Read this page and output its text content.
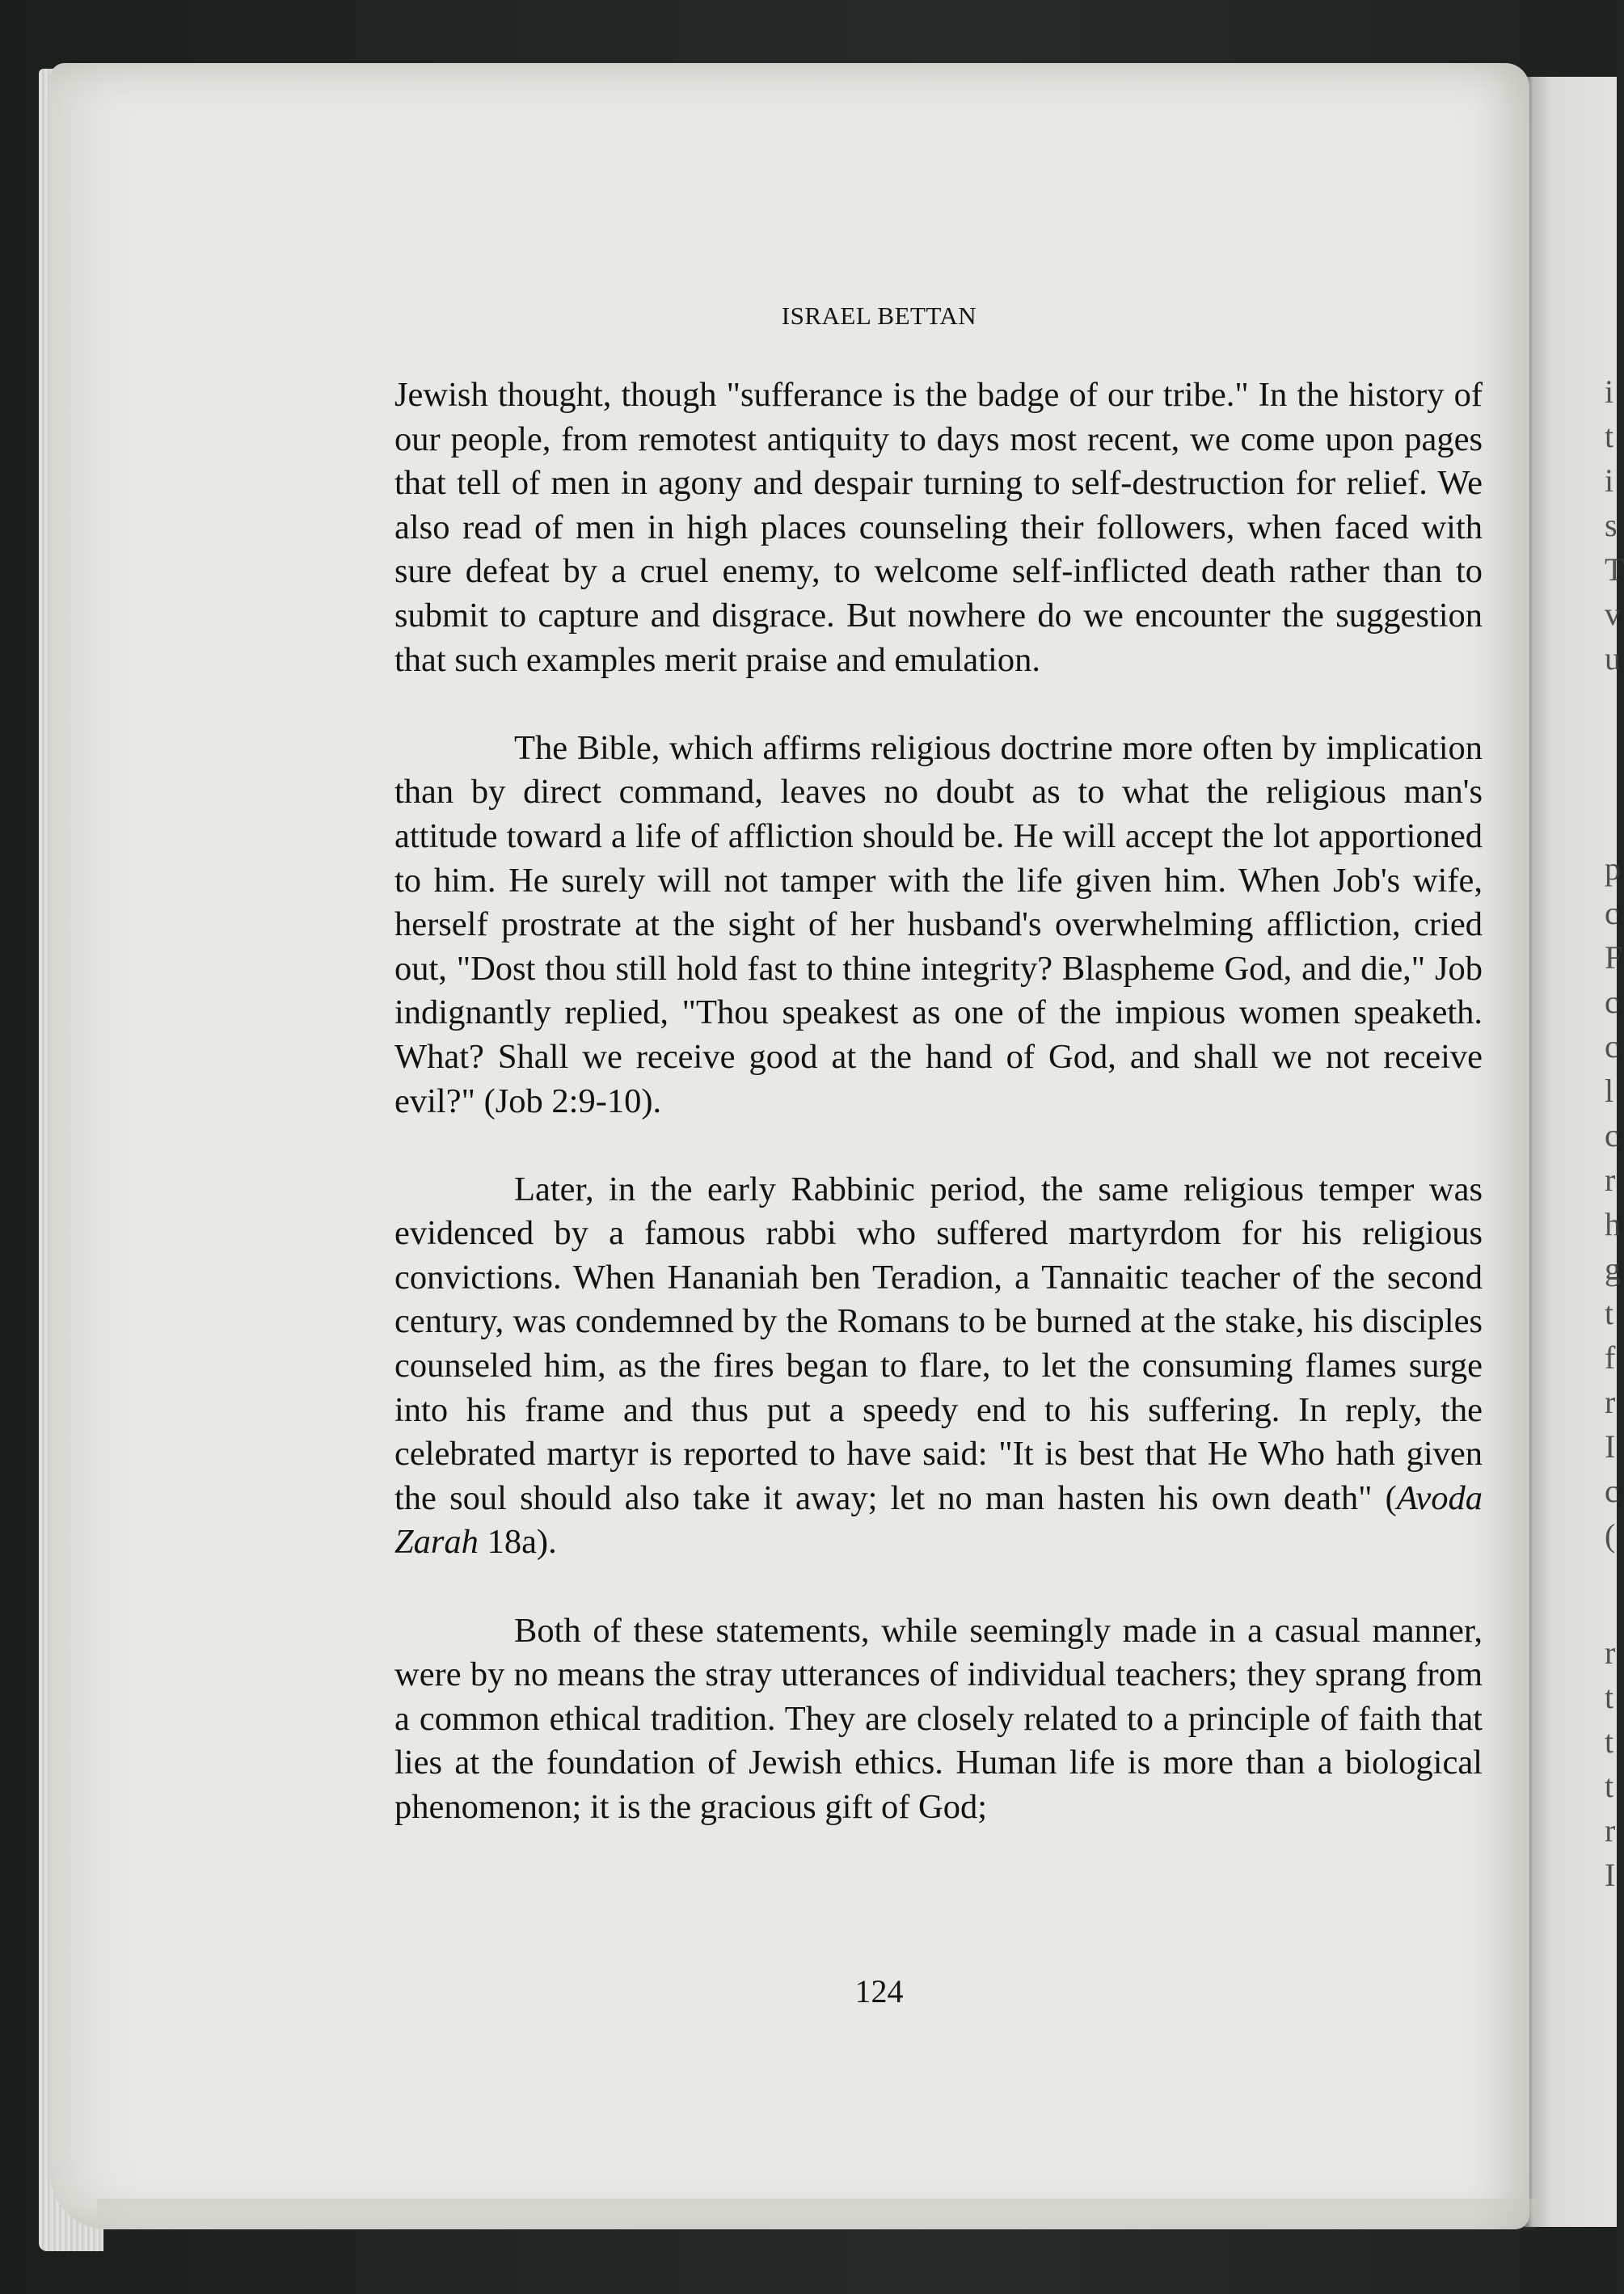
i
t
i
s
T
v
u
p
c
F
c
c
l
c
r
h
g
t
f
r
I
c
(
r
t
t
t
r
I
ISRAEL BETTAN

Jewish thought, though "sufferance is the badge of our tribe." In the history of our people, from remotest antiquity to days most recent, we come upon pages that tell of men in agony and despair turning to self-destruction for relief. We also read of men in high places counseling their followers, when faced with sure defeat by a cruel enemy, to welcome self-inflicted death rather than to submit to capture and disgrace. But nowhere do we encounter the suggestion that such examples merit praise and emulation.

The Bible, which affirms religious doctrine more often by implication than by direct command, leaves no doubt as to what the religious man's attitude toward a life of affliction should be. He will accept the lot apportioned to him. He surely will not tamper with the life given him. When Job's wife, herself prostrate at the sight of her husband's overwhelming affliction, cried out, "Dost thou still hold fast to thine integrity? Blaspheme God, and die," Job indignantly replied, "Thou speakest as one of the impious women speaketh. What? Shall we receive good at the hand of God, and shall we not receive evil?" (Job 2:9-10).

Later, in the early Rabbinic period, the same religious temper was evidenced by a famous rabbi who suffered martyrdom for his religious convictions. When Hananiah ben Teradion, a Tannaitic teacher of the second century, was condemned by the Romans to be burned at the stake, his disciples counseled him, as the fires began to flare, to let the consuming flames surge into his frame and thus put a speedy end to his suffering. In reply, the celebrated martyr is reported to have said: "It is best that He Who hath given the soul should also take it away; let no man hasten his own death" (Avoda Zarah 18a).

Both of these statements, while seemingly made in a casual manner, were by no means the stray utterances of individual teachers; they sprang from a common ethical tradition. They are closely related to a principle of faith that lies at the foundation of Jewish ethics. Human life is more than a biological phenomenon; it is the gracious gift of God;

124
